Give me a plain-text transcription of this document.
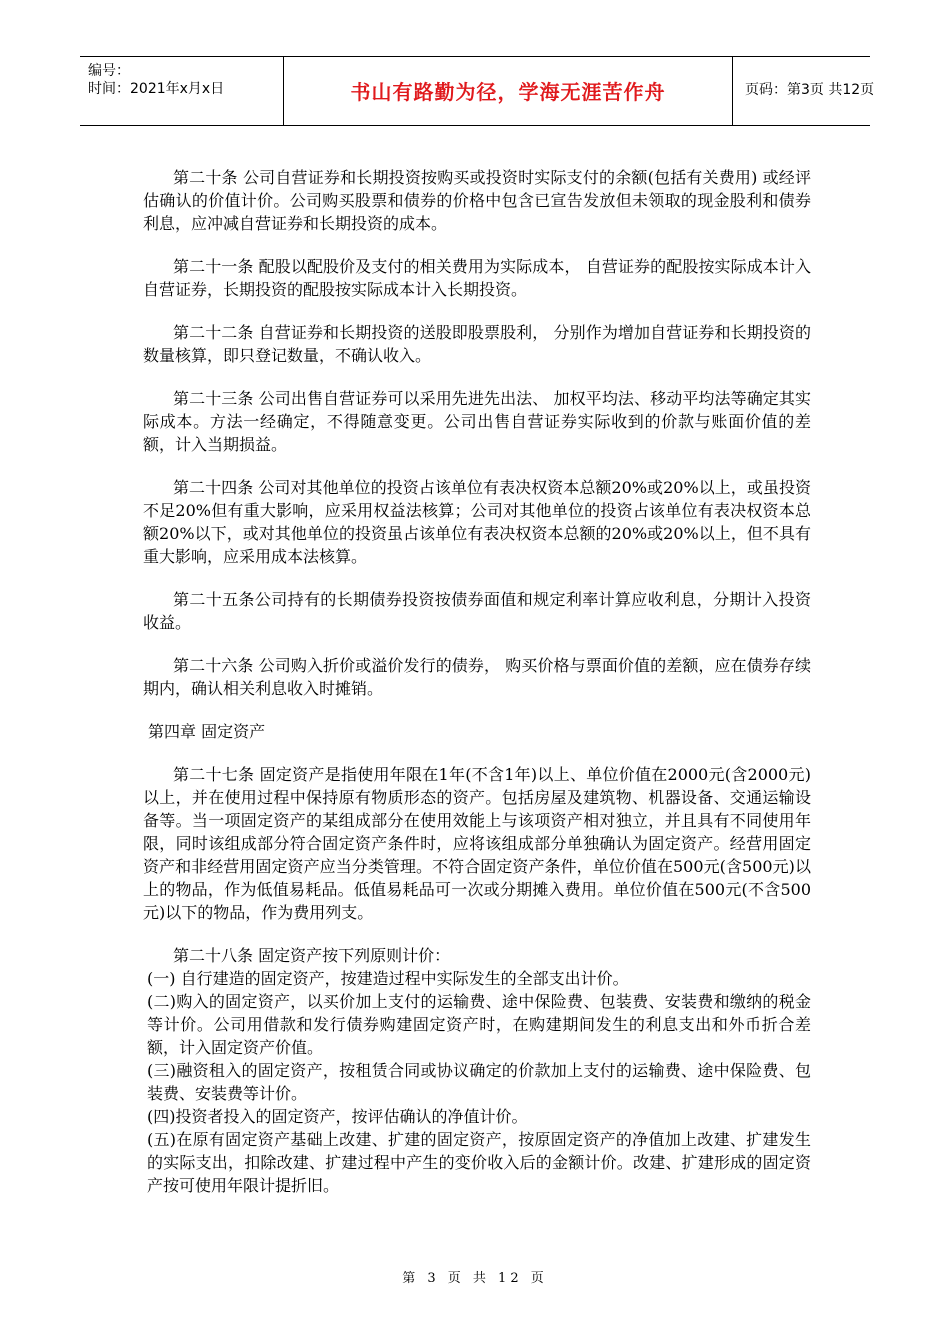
编号：
时间：2021年x月x日	书山有路勤为径，学海无涯苦作舟	页码：第3页 共12页

第二十条 公司自营证券和长期投资按购买或投资时实际支付的余额(包括有关费用) 或经评估确认的价值计价。公司购买股票和债券的价格中包含已宣告发放但未领取的现金股利和债券利息，应冲减自营证券和长期投资的成本。

第二十一条 配股以配股价及支付的相关费用为实际成本， 自营证券的配股按实际成本计入自营证券，长期投资的配股按实际成本计入长期投资。

第二十二条 自营证券和长期投资的送股即股票股利， 分别作为增加自营证券和长期投资的数量核算，即只登记数量，不确认收入。

第二十三条 公司出售自营证券可以采用先进先出法、 加权平均法、移动平均法等确定其实际成本。方法一经确定，不得随意变更。公司出售自营证券实际收到的价款与账面价值的差额，计入当期损益。

第二十四条 公司对其他单位的投资占该单位有表决权资本总额20%或20%以上，或虽投资不足20%但有重大影响，应采用权益法核算；公司对其他单位的投资占该单位有表决权资本总额20%以下，或对其他单位的投资虽占该单位有表决权资本总额的20%或20%以上，但不具有重大影响，应采用成本法核算。

第二十五条公司持有的长期债券投资按债券面值和规定利率计算应收利息，分期计入投资收益。

第二十六条 公司购入折价或溢价发行的债券， 购买价格与票面价值的差额，应在债券存续期内，确认相关利息收入时摊销。

第四章 固定资产

第二十七条 固定资产是指使用年限在1年(不含1年)以上、单位价值在2000元(含2000元) 以上，并在使用过程中保持原有物质形态的资产。包括房屋及建筑物、机器设备、交通运输设备等。当一项固定资产的某组成部分在使用效能上与该项资产相对独立，并且具有不同使用年限，同时该组成部分符合固定资产条件时，应将该组成部分单独确认为固定资产。经营用固定资产和非经营用固定资产应当分类管理。不符合固定资产条件，单位价值在500元(含500元)以上的物品，作为低值易耗品。低值易耗品可一次或分期摊入费用。单位价值在500元(不含500元)以下的物品，作为费用列支。

第二十八条 固定资产按下列原则计价：

(一) 自行建造的固定资产，按建造过程中实际发生的全部支出计价。

(二)购入的固定资产，以买价加上支付的运输费、途中保险费、包装费、安装费和缴纳的税金等计价。公司用借款和发行债券购建固定资产时，在购建期间发生的利息支出和外币折合差额，计入固定资产价值。

(三)融资租入的固定资产，按租赁合同或协议确定的价款加上支付的运输费、途中保险费、包装费、安装费等计价。

(四)投资者投入的固定资产，按评估确认的净值计价。

(五)在原有固定资产基础上改建、扩建的固定资产，按原固定资产的净值加上改建、扩建发生的实际支出，扣除改建、扩建过程中产生的变价收入后的金额计价。改建、扩建形成的固定资产按可使用年限计提折旧。

第 3 页 共 12 页
